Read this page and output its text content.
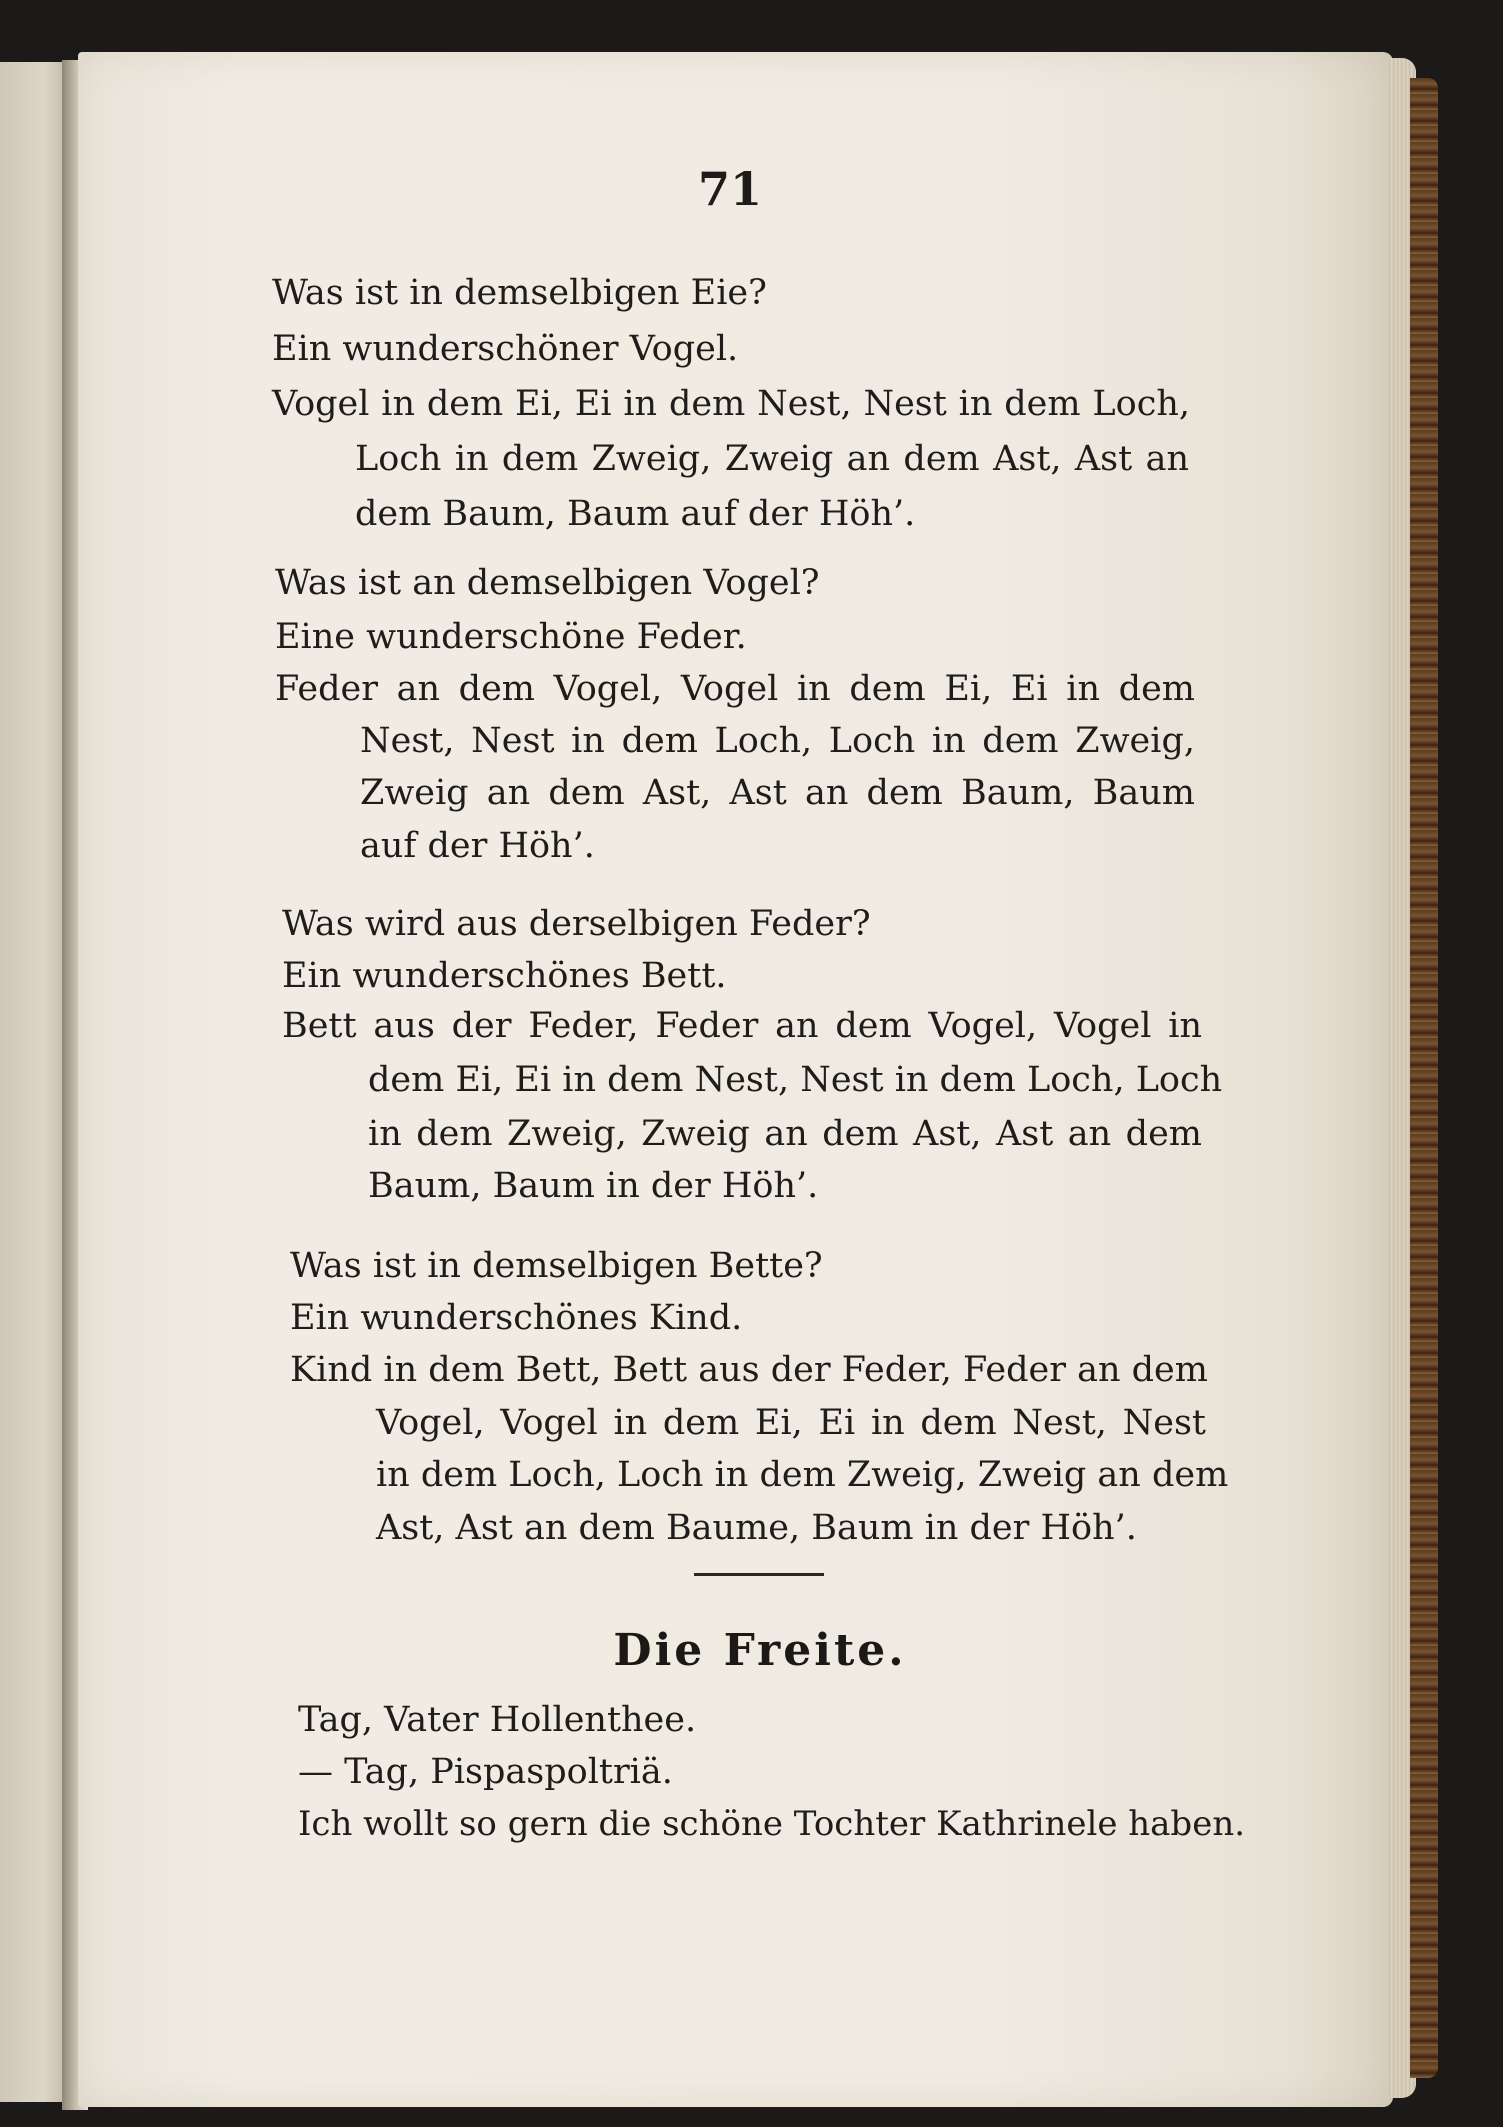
71
Was ist in demselbigen Eie?
Ein wunderschöner Vogel.
Vogel in dem Ei, Ei in dem Nest, Nest in dem Loch,
Loch in dem Zweig, Zweig an dem Ast, Ast an
dem Baum, Baum auf der Höh’.
Was ist an demselbigen Vogel?
Eine wunderschöne Feder.
Feder an dem Vogel, Vogel in dem Ei, Ei in dem
Nest, Nest in dem Loch, Loch in dem Zweig,
Zweig an dem Ast, Ast an dem Baum, Baum
auf der Höh’.
Was wird aus derselbigen Feder?
Ein wunderschönes Bett.
Bett aus der Feder, Feder an dem Vogel, Vogel in
dem Ei, Ei in dem Nest, Nest in dem Loch, Loch
in dem Zweig, Zweig an dem Ast, Ast an dem
Baum, Baum in der Höh’.
Was ist in demselbigen Bette?
Ein wunderschönes Kind.
Kind in dem Bett, Bett aus der Feder, Feder an dem
Vogel, Vogel in dem Ei, Ei in dem Nest, Nest
in dem Loch, Loch in dem Zweig, Zweig an dem
Ast, Ast an dem Baume, Baum in der Höh’.
Die Freite.
Tag, Vater Hollenthee.
— Tag, Pispaspoltriä.
Ich wollt so gern die schöne Tochter Kathrinele haben.
